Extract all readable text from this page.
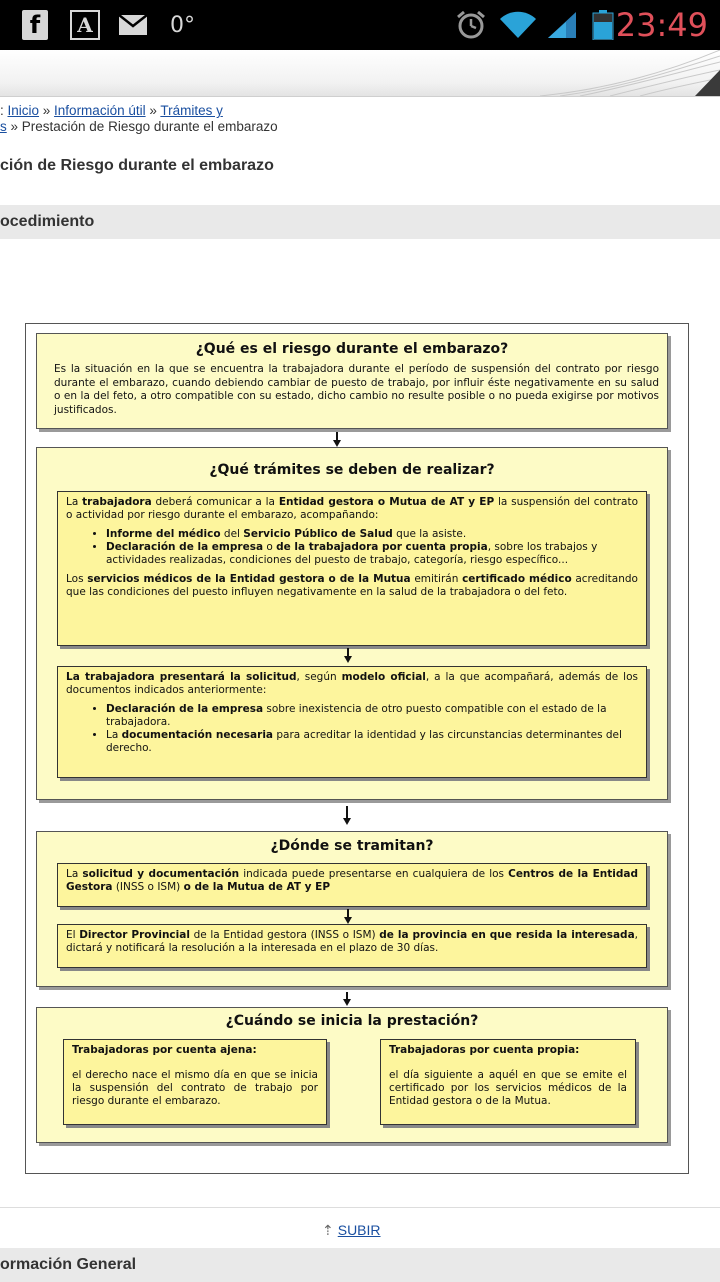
f	A	0°	23:49
: Inicio » Información útil » Trámites y
s » Prestación de Riesgo durante el embarazo
ción de Riesgo durante el embarazo
ocedimiento
¿Qué es el riesgo durante el embarazo?
Es la situación en la que se encuentra la trabajadora durante el período de suspensión del contrato por riesgo durante el embarazo, cuando debiendo cambiar de puesto de trabajo, por influir éste negativamente en su salud o en la del feto, a otro compatible con su estado, dicho cambio no resulte posible o no pueda exigirse por motivos justificados.
¿Qué trámites se deben de realizar?

La trabajadora deberá comunicar a la Entidad gestora o Mutua de AT y EP la suspensión del contrato o actividad por riesgo durante el embarazo, acompañando:

• Informe del médico del Servicio Público de Salud que la asiste.
• Declaración de la empresa o de la trabajadora por cuenta propia, sobre los trabajos y actividades realizadas, condiciones del puesto de trabajo, categoría, riesgo específico...

Los servicios médicos de la Entidad gestora o de la Mutua emitirán certificado médico acreditando que las condiciones del puesto influyen negativamente en la salud de la trabajadora o del feto.

La trabajadora presentará la solicitud, según modelo oficial, a la que acompañará, además de los documentos indicados anteriormente:

• Declaración de la empresa sobre inexistencia de otro puesto compatible con el estado de la trabajadora.
• La documentación necesaria para acreditar la identidad y las circunstancias determinantes del derecho.
¿Dónde se tramitan?

La solicitud y documentación indicada puede presentarse en cualquiera de los Centros de la Entidad Gestora (INSS o ISM) o de la Mutua de AT y EP

El Director Provincial de la Entidad gestora (INSS o ISM) de la provincia en que resida la interesada, dictará y notificará la resolución a la interesada en el plazo de 30 días.

¿Cuándo se inicia la prestación?

Trabajadoras por cuenta ajena:

el derecho nace el mismo día en que se inicia la suspensión del contrato de trabajo por riesgo durante el embarazo.

Trabajadoras por cuenta propia:

el día siguiente a aquél en que se emite el certificado por los servicios médicos de la Entidad gestora o de la Mutua.

⇡ SUBIR
ormación General
